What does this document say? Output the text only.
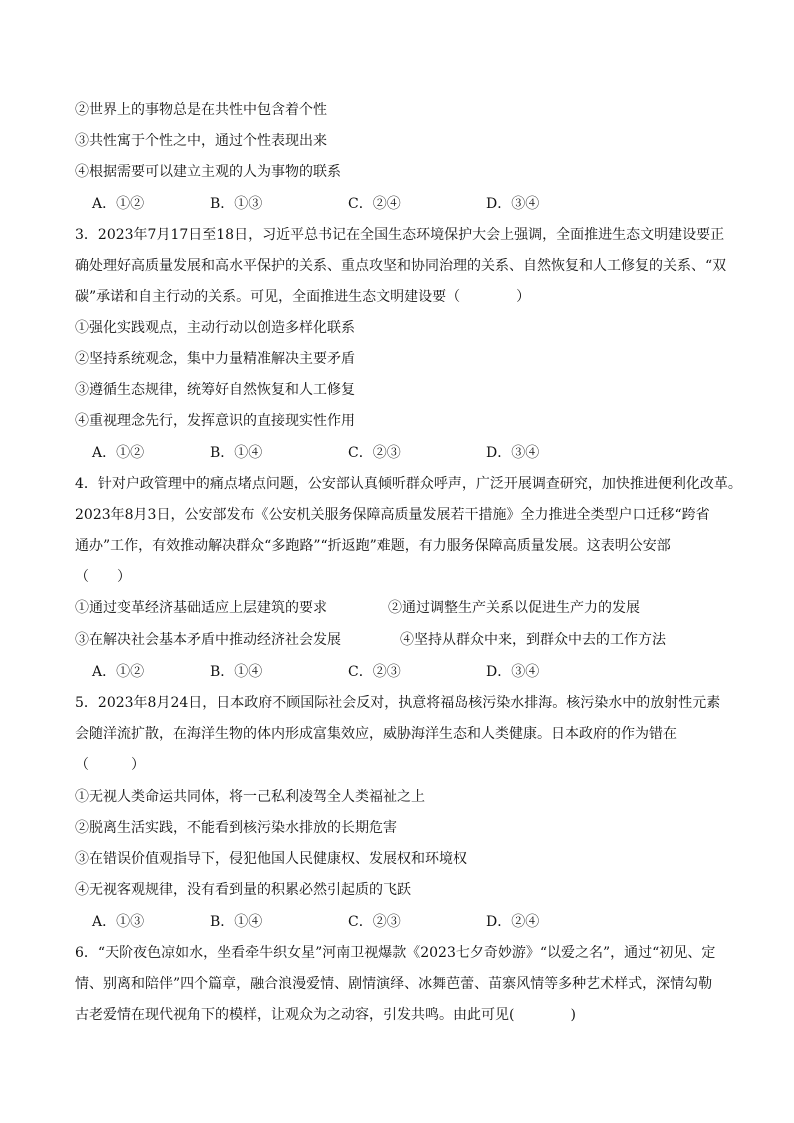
②世界上的事物总是在共性中包含着个性
③共性寓于个性之中，通过个性表现出来
④根据需要可以建立主观的人为事物的联系
A．①②	B．①③	C．②④	D．③④
3．2023年7月17日至18日，习近平总书记在全国生态环境保护大会上强调，全面推进生态文明建设要正
确处理好高质量发展和高水平保护的关系、重点攻坚和协同治理的关系、自然恢复和人工修复的关系、“双
碳”承诺和自主行动的关系。可见，全面推进生态文明建设要（　　　　）
①强化实践观点，主动行动以创造多样化联系
②坚持系统观念，集中力量精准解决主要矛盾
③遵循生态规律，统筹好自然恢复和人工修复
④重视理念先行，发挥意识的直接现实性作用
A．①②	B．①④	C．②③	D．③④
4．针对户政管理中的痛点堵点问题，公安部认真倾听群众呼声，广泛开展调查研究，加快推进便利化改革。
2023年8月3日，公安部发布《公安机关服务保障高质量发展若干措施》全力推进全类型户口迁移“跨省
通办”工作，有效推动解决群众“多跑路”“折返跑”难题，有力服务保障高质量发展。这表明公安部
（　　）
①通过变革经济基础适应上层建筑的要求	②通过调整生产关系以促进生产力的发展
③在解决社会基本矛盾中推动经济社会发展	④坚持从群众中来，到群众中去的工作方法
A．①②	B．①④	C．②③	D．③④
5．2023年8月24日，日本政府不顾国际社会反对，执意将福岛核污染水排海。核污染水中的放射性元素
会随洋流扩散，在海洋生物的体内形成富集效应，威胁海洋生态和人类健康。日本政府的作为错在
（　　　）
①无视人类命运共同体，将一己私利凌驾全人类福祉之上
②脱离生活实践，不能看到核污染水排放的长期危害
③在错误价值观指导下，侵犯他国人民健康权、发展权和环境权
④无视客观规律，没有看到量的积累必然引起质的飞跃
A．①③	B．①④	C．②③	D．②④
6．“天阶夜色凉如水，坐看牵牛织女星”河南卫视爆款《2023七夕奇妙游》“以爱之名”，通过“初见、定
情、别离和陪伴”四个篇章，融合浪漫爱情、剧情演绎、冰舞芭蕾、苗寨风情等多种艺术样式，深情勾勒
古老爱情在现代视角下的模样，让观众为之动容，引发共鸣。由此可见(　　　　)
